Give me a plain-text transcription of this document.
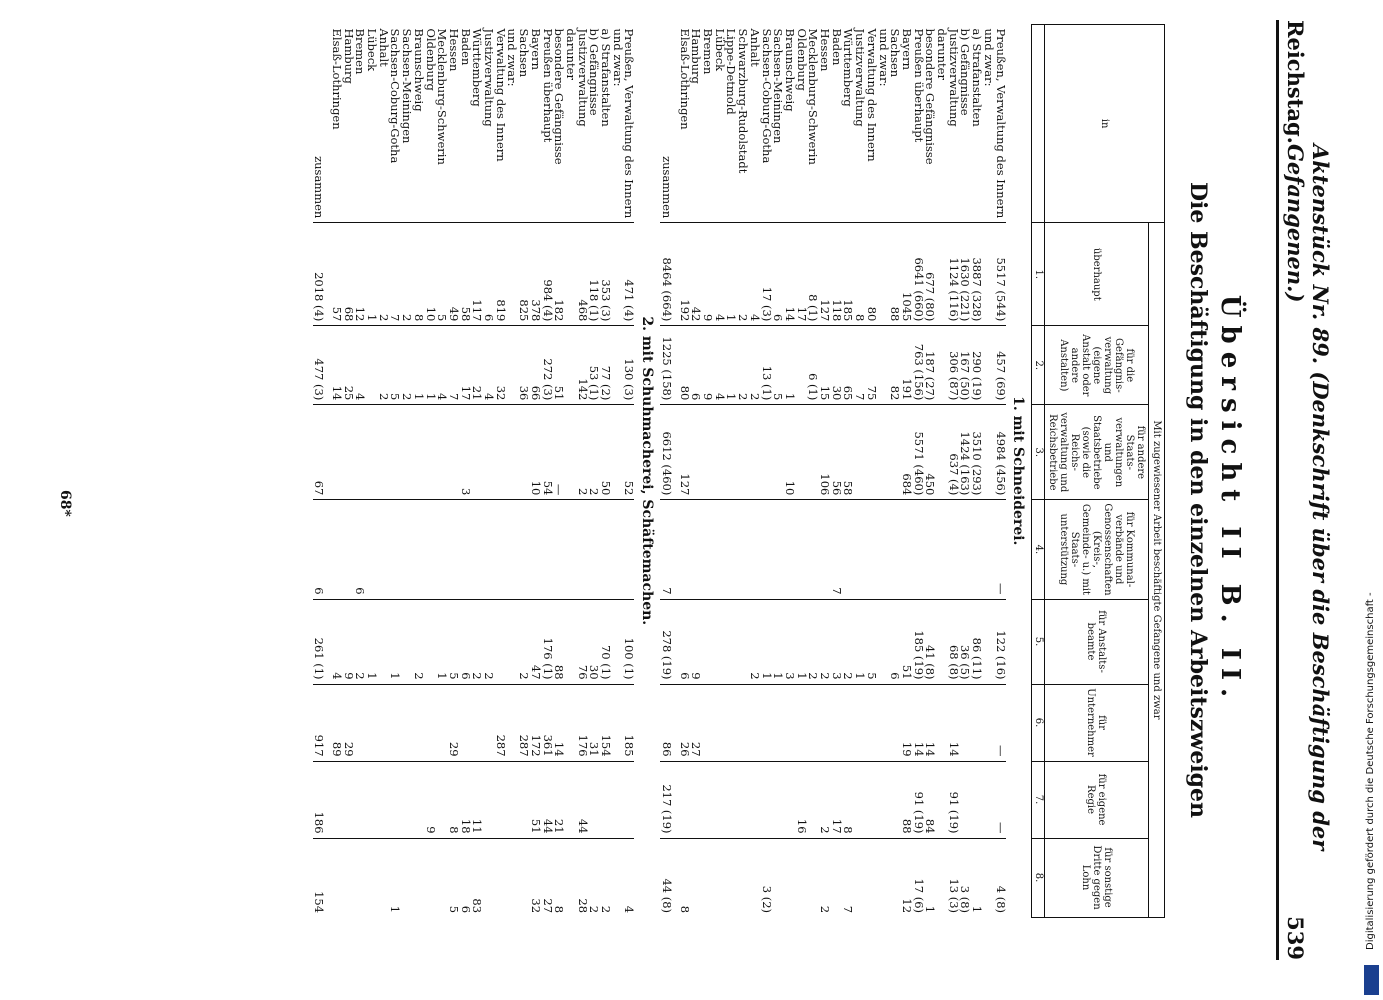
Reichstag.
Aktenstück Nr. 89. (Denkschrift über die Beschäftigung der Gefangenen.)
539
Übersicht II B. II.
Die Beschäftigung in den einzelnen Arbeitszweigen
in	Mit zugewiesener Arbeit beschäftigte Gefangene und zwar							
	überhaupt	für die Gefängnis-verwaltung (eigene Anstalt oder andere Anstalten)	für andere Staats-verwaltungen und Staatsbetriebe (sowie die Reichs-verwaltung und Reichsbetriebe	für Kommunal-verbände und Genossenschaften (Kreis-, Gemeinde- u.) mit Staats-unterstützung	für Anstalts-beamte	für Unternehmer	für eigene Regie	für sonstige Dritte gegen Lohn
	1.	2.	3.	4.	5.	6.	7.	8.
1. mit Schneiderei.								
Preußen, Verwaltung des Innern	5517 (544)	457 (69)	4984 (456)	—	122 (16)	—	—	4 (8)
und zwar:								
a) Strafanstalten	3887 (328)	290 (19)	3510 (293)		86 (11)			1
b) Gefängnisse	1630 (221)	167 (50)	1424 (163)		36 (5)			3 (8)
Justizverwaltung	1124 (116)	306 (87)	637 (4)		68 (8)	14	91 (19)	13 (3)
darunter								
besondere Gefängnisse	677 (80)	187 (27)	450		41 (8)	14	84	1
Preußen überhaupt	6641 (660)	763 (156)	5571 (460)		185 (19)	14	91 (19)	17 (6)
Bayern	1045	191	684		51	19	88	12
Sachsen	88	82			6			
und zwar:								
Verwaltung des Innern	80	75			5			
Justizverwaltung	8	7			1			
Württemberg	185	65	58		2		8	7
Baden	118	30	56	7	3		17	
Hessen	127	15	106		2		2	2
Mecklenburg-Schwerin	8 (1)	6 (1)			2			
Oldenburg	17				1		16	
Braunschweig	14	1	10		3			
Sachsen-Meiningen	6	5			1			
Sachsen-Coburg-Gotha	17 (3)	13 (1)			1			3 (2)
Anhalt	4	2			2			
Schwarzburg-Rudolstadt	2	2						
Lippe-Detmold	1	1						
Lübeck	4	4						
Bremen	9	9						
Hamburg	42	6			9	27		
Elsaß-Lothringen	192	80	127		6	26		8
zusammen	8464 (664)	1225 (158)	6612 (460)	7	278 (19)	86	217 (19)	44 (8)
2. mit Schuhmacherei, Schäftemachen.								
Preußen, Verwaltung des Innern	471 (4)	130 (3)	52		100 (1)	185		4
und zwar:								
a) Strafanstalten	353 (3)	77 (2)	50		70 (1)	154		2
b) Gefängnisse	118 (1)	53 (1)	2		30	31		2
Justizverwaltung	468	142	2		76	176	44	28
darunter								
besondere Gefängnisse	182	51	—		88	14	21	8
Preußen überhaupt	984 (4)	272 (3)	54		176 (1)	361	44	27
Bayern	378	66	10		47	172	51	32
Sachsen	825	36			2	287		
und zwar:								
Verwaltung des Innern	819	32				287		
Justizverwaltung	6	4			2			
Württemberg	117	21			2		11	83
Baden	58	17	3		6		18	6
Hessen	49	7			5	29	8	5
Mecklenburg-Schwerin	5	4			1			
Oldenburg	10	1					9	
Braunschweig	8	1			2			
Sachsen-Meiningen	2	2						
Sachsen-Coburg-Gotha	7	5			1			1
Anhalt	2	2						
Lübeck	1				1			
Bremen	12	4		6	2			
Hamburg	68	25			9	29		
Elsaß-Lothringen	57	14			4	89		
zusammen	2018 (4)	477 (3)	67	6	261 (1)	917	186	154
68*
Digitalisierung gefördert durch die Deutsche Forschungsgemeinschaft -
